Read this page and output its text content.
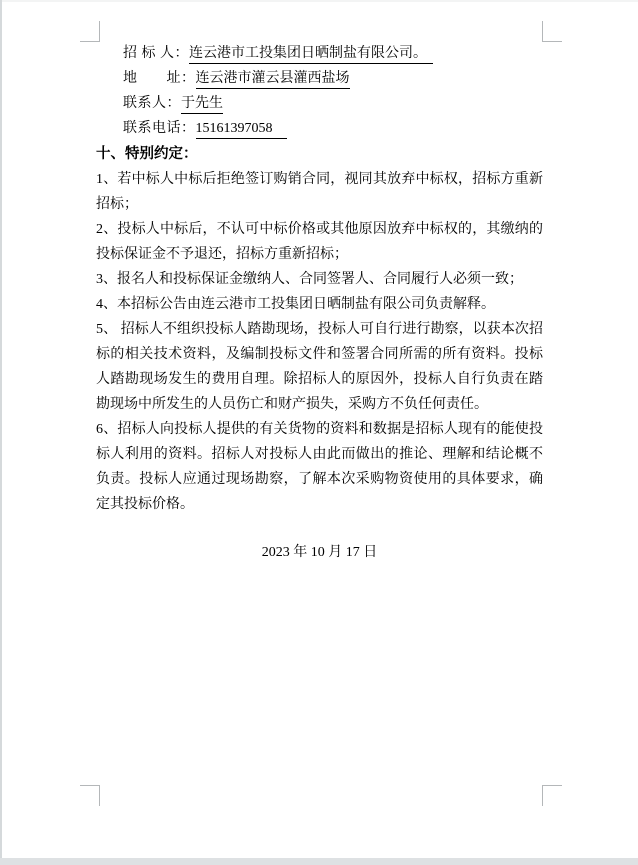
招 标 人：连云港市工投集团日晒制盐有限公司。
地　　址：连云港市灌云县灌西盐场
联系人：于先生
联系电话：15161397058
十、特别约定：

1、若中标人中标后拒绝签订购销合同，视同其放弃中标权，招标方重新招标；

2、投标人中标后，不认可中标价格或其他原因放弃中标权的，其缴纳的投标保证金不予退还，招标方重新招标；

3、报名人和投标保证金缴纳人、合同签署人、合同履行人必须一致；

4、本招标公告由连云港市工投集团日晒制盐有限公司负责解释。

5、 招标人不组织投标人踏勘现场，投标人可自行进行勘察，以获本次招标的相关技术资料，及编制投标文件和签署合同所需的所有资料。投标人踏勘现场发生的费用自理。除招标人的原因外，投标人自行负责在踏勘现场中所发生的人员伤亡和财产损失，采购方不负任何责任。

6、招标人向投标人提供的有关货物的资料和数据是招标人现有的能使投标人利用的资料。招标人对投标人由此而做出的推论、理解和结论概不负责。投标人应通过现场勘察，了解本次采购物资使用的具体要求，确定其投标价格。

2023 年 10 月 17 日
